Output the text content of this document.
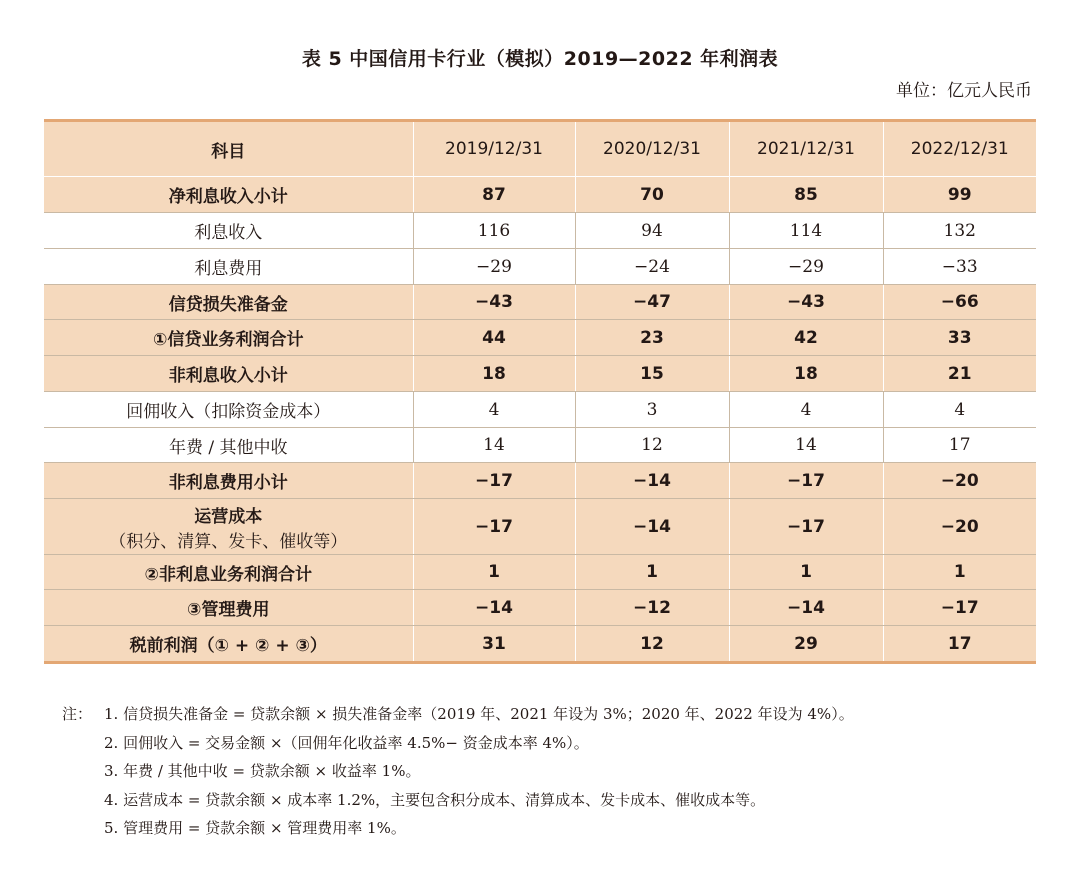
表 5 中国信用卡行业（模拟）2019—2022 年利润表
单位：亿元人民币
科目	2019/12/31	2020/12/31	2021/12/31	2022/12/31
净利息收入小计	87	70	85	99
利息收入	116	94	114	132
利息费用	−29	−24	−29	−33
信贷损失准备金	−43	−47	−43	−66
①信贷业务利润合计	44	23	42	33
非利息收入小计	18	15	18	21
回佣收入（扣除资金成本）	4	3	4	4
年费 / 其他中收	14	12	14	17
非利息费用小计	−17	−14	−17	−20

运营成本
（积分、清算、发卡、催收等）	−17	−14	−17	−20
②非利息业务利润合计	1	1	1	1
③管理费用	−14	−12	−14	−17
税前利润（① + ② + ③）	31	12	29	17
注： 1. 信贷损失准备金 = 贷款余额 × 损失准备金率（2019 年、2021 年设为 3%；2020 年、2022 年设为 4%）。
2. 回佣收入 = 交易金额 ×（回佣年化收益率 4.5%− 资金成本率 4%）。
3. 年费 / 其他中收 = 贷款余额 × 收益率 1%。
4. 运营成本 = 贷款余额 × 成本率 1.2%，主要包含积分成本、清算成本、发卡成本、催收成本等。
5. 管理费用 = 贷款余额 × 管理费用率 1%。
